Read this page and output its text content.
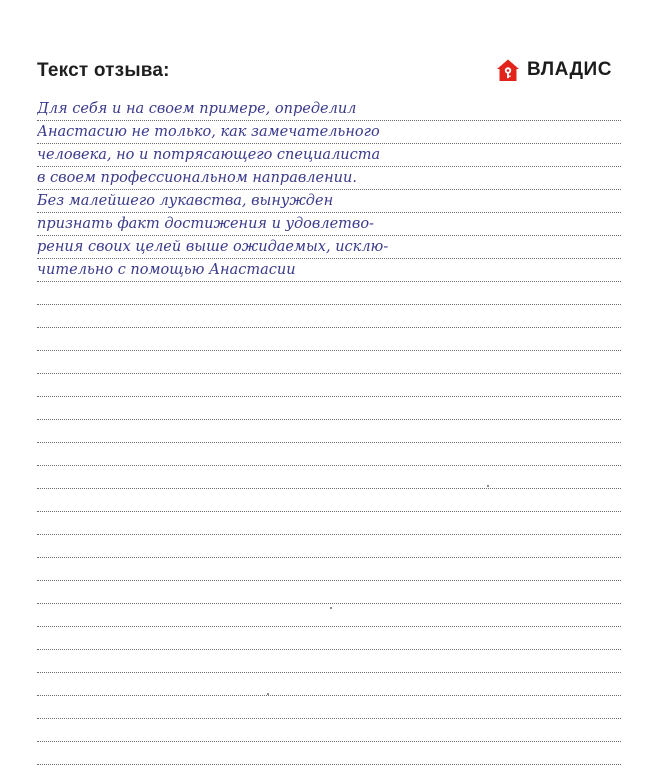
Текст отзыва:	ВЛАДИС
Для себя и на своем примере, определил
Анастасию не только, как замечательного
человека, но и потрясающего специалиста
в своем профессиональном направлении.
Без малейшего лукавства, вынужден
признать факт достижения и удовлетво-
рения своих целей выше ожидаемых, исклю-
чительно с помощью Анастасии
